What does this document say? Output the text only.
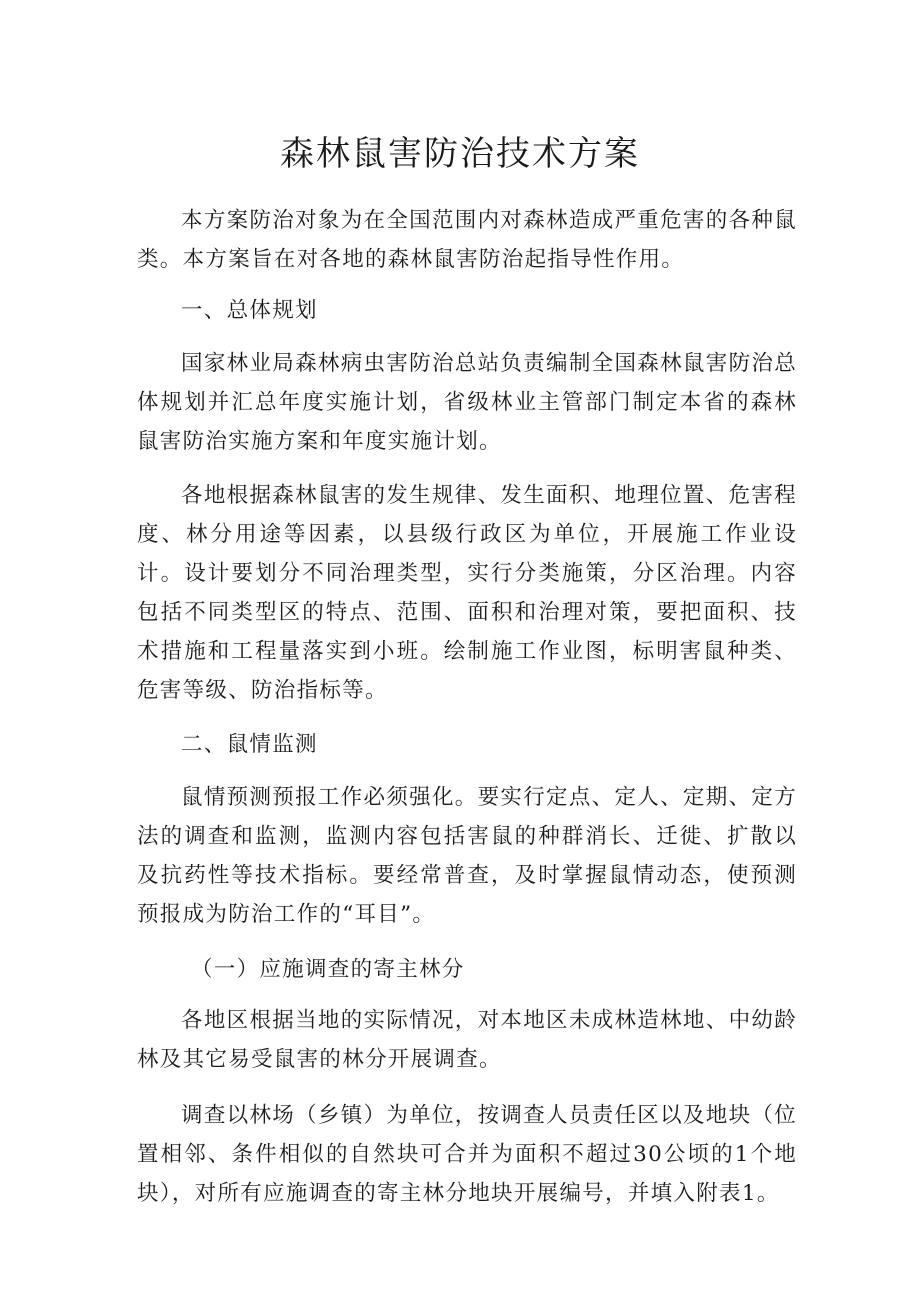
森林鼠害防治技术方案

本方案防治对象为在全国范围内对森林造成严重危害的各种鼠类。本方案旨在对各地的森林鼠害防治起指导性作用。

一、总体规划

国家林业局森林病虫害防治总站负责编制全国森林鼠害防治总体规划并汇总年度实施计划，省级林业主管部门制定本省的森林鼠害防治实施方案和年度实施计划。

各地根据森林鼠害的发生规律、发生面积、地理位置、危害程度、林分用途等因素，以县级行政区为单位，开展施工作业设计。设计要划分不同治理类型，实行分类施策，分区治理。内容包括不同类型区的特点、范围、面积和治理对策，要把面积、技术措施和工程量落实到小班。绘制施工作业图，标明害鼠种类、危害等级、防治指标等。

二、鼠情监测

鼠情预测预报工作必须强化。要实行定点、定人、定期、定方法的调查和监测，监测内容包括害鼠的种群消长、迁徙、扩散以及抗药性等技术指标。要经常普查，及时掌握鼠情动态，使预测预报成为防治工作的“耳目”。

（一）应施调查的寄主林分

各地区根据当地的实际情况，对本地区未成林造林地、中幼龄林及其它易受鼠害的林分开展调查。

调查以林场（乡镇）为单位，按调查人员责任区以及地块（位置相邻、条件相似的自然块可合并为面积不超过30公顷的1个地块），对所有应施调查的寄主林分地块开展编号，并填入附表1。
